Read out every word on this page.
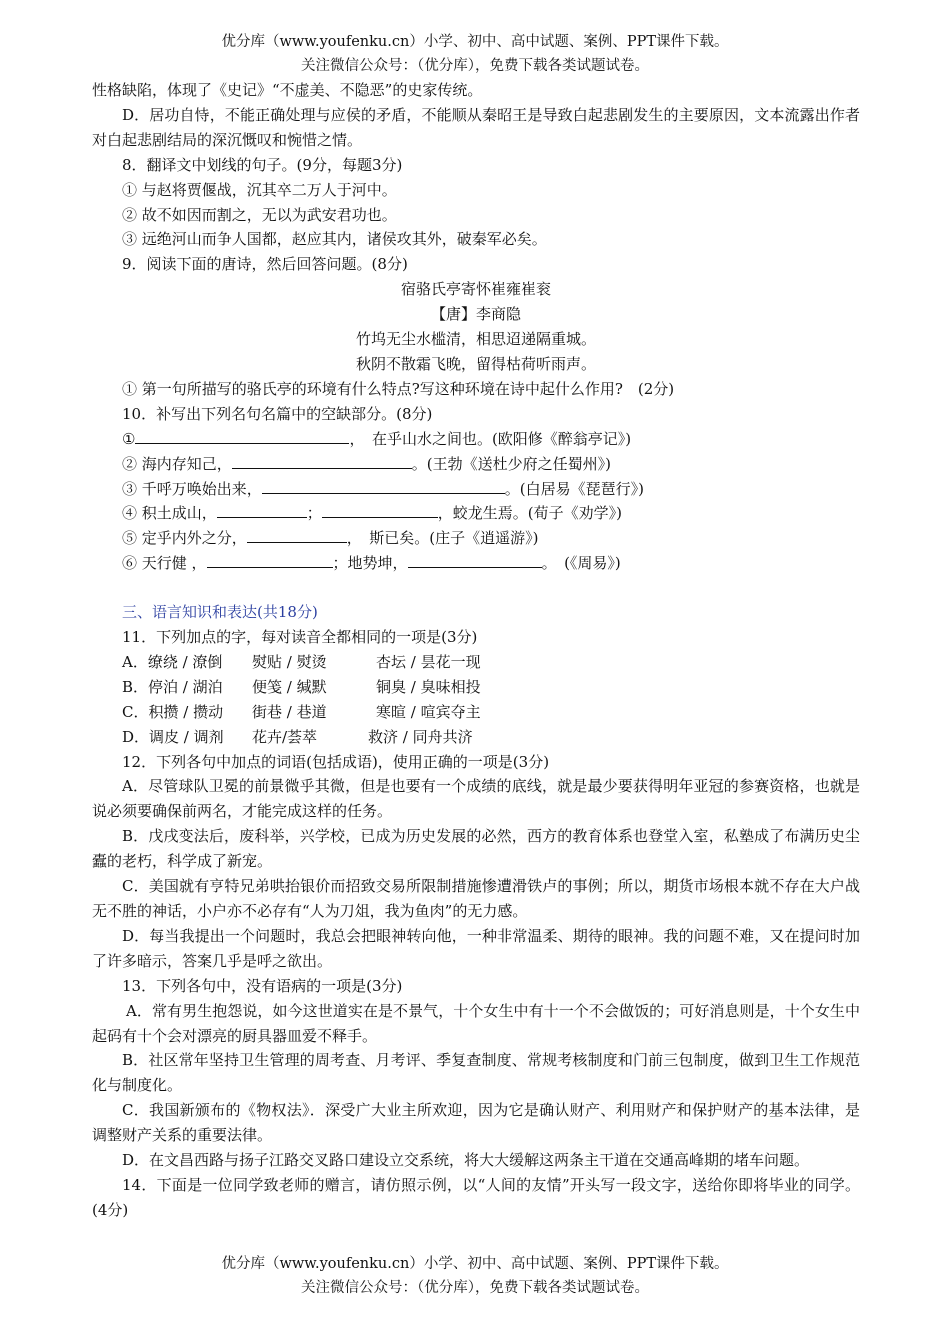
优分库（www.youfenku.cn）小学、初中、高中试题、案例、PPT课件下载。
关注微信公众号：（优分库），免费下载各类试题试卷。
性格缺陷，体现了《史记》“不虚美、不隐恶”的史家传统。
D．居功自恃，不能正确处理与应侯的矛盾，不能顺从秦昭王是导致白起悲剧发生的主要原因，文本流露出作者对白起悲剧结局的深沉慨叹和惋惜之情。
8．翻译文中划线的句子。(9分，每题3分)
① 与赵将贾偃战，沉其卒二万人于河中。
② 故不如因而割之，无以为武安君功也。
③ 远绝河山而争人国都，赵应其内，诸侯攻其外，破秦军必矣。
9．阅读下面的唐诗，然后回答问题。(8分)
宿骆氏亭寄怀崔雍崔衮
【唐】李商隐
竹坞无尘水槛清，相思迢递隔重城。
秋阴不散霜飞晚，留得枯荷听雨声。
① 第一句所描写的骆氏亭的环境有什么特点?写这种环境在诗中起什么作用?　(2分)
10．补写出下列名句名篇中的空缺部分。(8分)
①	，　在乎山水之间也。(欧阳修《醉翁亭记》)
② 海内存知己，	。(王勃《送杜少府之任蜀州》)
③ 千呼万唤始出来，	。(白居易《琵琶行》)
④ 积土成山，	；	，蛟龙生焉。(荀子《劝学》)
⑤ 定乎内外之分，	，　斯已矣。(庄子《逍遥游》)
⑥ 天行健 ，	；地势坤，	。　(《周易》)
三、语言知识和表达(共18分)
11．下列加点的字，每对读音全都相同的一项是(3分)
A．缭绕 / 潦倒 熨贴 / 熨烫	杏坛 / 昙花一现
B．停泊 / 湖泊 便笺 / 缄默	铜臭 / 臭味相投
C．积攒 / 攒动 街巷 / 巷道	寒暄 / 喧宾夺主
D．调皮 / 调剂 花卉/荟萃	救济 / 同舟共济
12．下列各句中加点的词语(包括成语)，使用正确的一项是(3分)
A．尽管球队卫冕的前景微乎其微，但是也要有一个成绩的底线，就是最少要获得明年亚冠的参赛资格，也就是说必须要确保前两名，才能完成这样的任务。
B．戊戌变法后，废科举，兴学校，已成为历史发展的必然，西方的教育体系也登堂入室，私塾成了布满历史尘蠹的老朽，科学成了新宠。
C．美国就有亨特兄弟哄抬银价而招致交易所限制措施惨遭滑铁卢的事例；所以，期货市场根本就不存在大户战无不胜的神话，小户亦不必存有“人为刀俎，我为鱼肉”的无力感。
D．每当我提出一个问题时，我总会把眼神转向他，一种非常温柔、期待的眼神。我的问题不难，又在提问时加了许多暗示，答案几乎是呼之欲出。
13．下列各句中，没有语病的一项是(3分)
A．常有男生抱怨说，如今这世道实在是不景气，十个女生中有十一个不会做饭的；可好消息则是，十个女生中起码有十个会对漂亮的厨具器皿爱不释手。
B．社区常年坚持卫生管理的周考查、月考评、季复查制度、常规考核制度和门前三包制度，做到卫生工作规范化与制度化。
C．我国新颁布的《物权法》．深受广大业主所欢迎，因为它是确认财产、利用财产和保护财产的基本法律，是调整财产关系的重要法律。
D．在文昌西路与扬子江路交叉路口建设立交系统，将大大缓解这两条主干道在交通高峰期的堵车问题。
14．下面是一位同学致老师的赠言，请仿照示例，以“人间的友情”开头写一段文字，送给你即将毕业的同学。(4分)
优分库（www.youfenku.cn）小学、初中、高中试题、案例、PPT课件下载。
关注微信公众号：（优分库），免费下载各类试题试卷。
